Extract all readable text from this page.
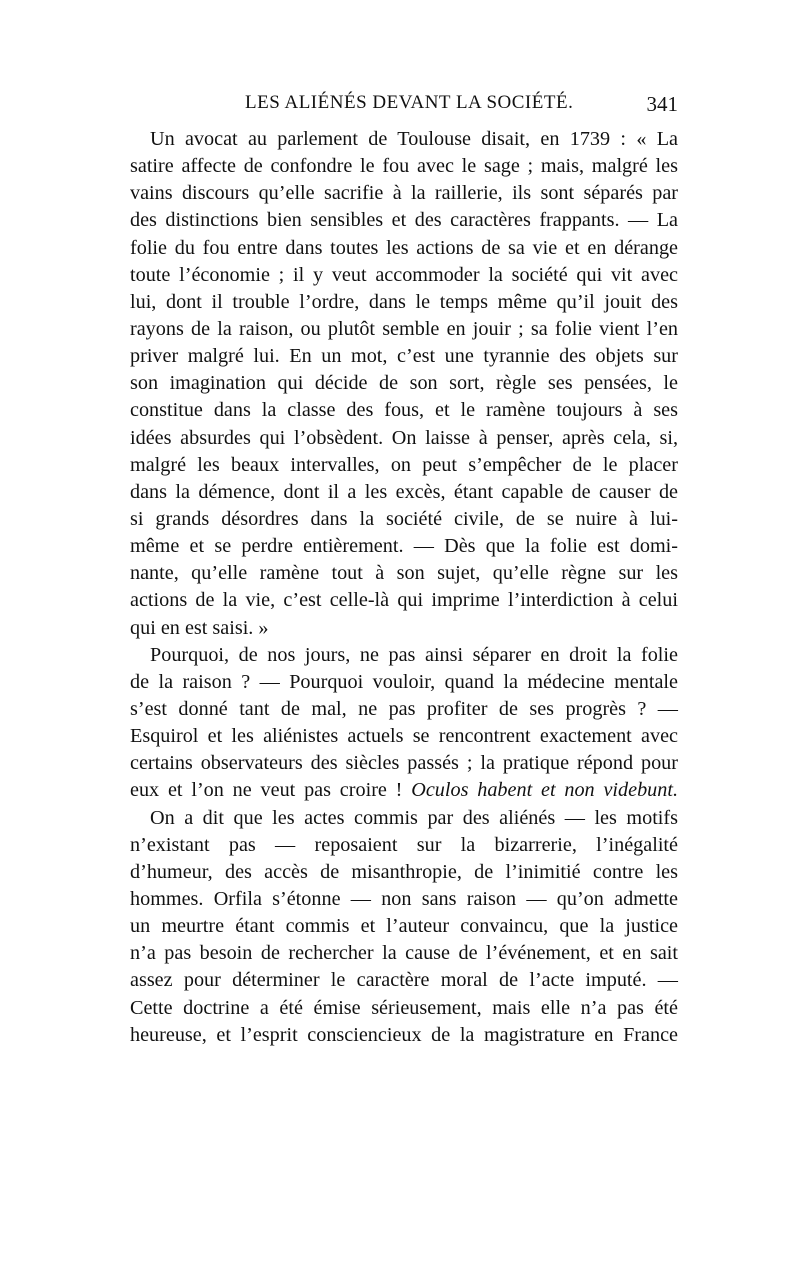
LES ALIÉNÉS DEVANT LA SOCIÉTÉ.	341
Un avocat au parlement de Toulouse disait, en 1739 : « La
satire affecte de confondre le fou avec le sage ; mais, malgré les
vains discours qu’elle sacrifie à la raillerie, ils sont séparés par
des distinctions bien sensibles et des caractères frappants. — La
folie du fou entre dans toutes les actions de sa vie et en dérange
toute l’économie ; il y veut accommoder la société qui vit avec
lui, dont il trouble l’ordre, dans le temps même qu’il jouit des
rayons de la raison, ou plutôt semble en jouir ; sa folie vient l’en
priver malgré lui. En un mot, c’est une tyrannie des objets sur
son imagination qui décide de son sort, règle ses pensées, le
constitue dans la classe des fous, et le ramène toujours à ses
idées absurdes qui l’obsèdent. On laisse à penser, après cela, si,
malgré les beaux intervalles, on peut s’empêcher de le placer
dans la démence, dont il a les excès, étant capable de causer de
si grands désordres dans la société civile, de se nuire à lui-
même et se perdre entièrement. — Dès que la folie est domi-
nante, qu’elle ramène tout à son sujet, qu’elle règne sur les
actions de la vie, c’est celle-là qui imprime l’interdiction à celui
qui en est saisi. »
Pourquoi, de nos jours, ne pas ainsi séparer en droit la folie
de la raison ? — Pourquoi vouloir, quand la médecine mentale
s’est donné tant de mal, ne pas profiter de ses progrès ? —
Esquirol et les aliénistes actuels se rencontrent exactement avec
certains observateurs des siècles passés ; la pratique répond pour
eux et l’on ne veut pas croire ! Oculos habent et non videbunt.
On a dit que les actes commis par des aliénés — les motifs
n’existant pas — reposaient sur la bizarrerie, l’inégalité
d’humeur, des accès de misanthropie, de l’inimitié contre les
hommes. Orfila s’étonne — non sans raison — qu’on admette
un meurtre étant commis et l’auteur convaincu, que la justice
n’a pas besoin de rechercher la cause de l’événement, et en sait
assez pour déterminer le caractère moral de l’acte imputé. —
Cette doctrine a été émise sérieusement, mais elle n’a pas été
heureuse, et l’esprit consciencieux de la magistrature en France
